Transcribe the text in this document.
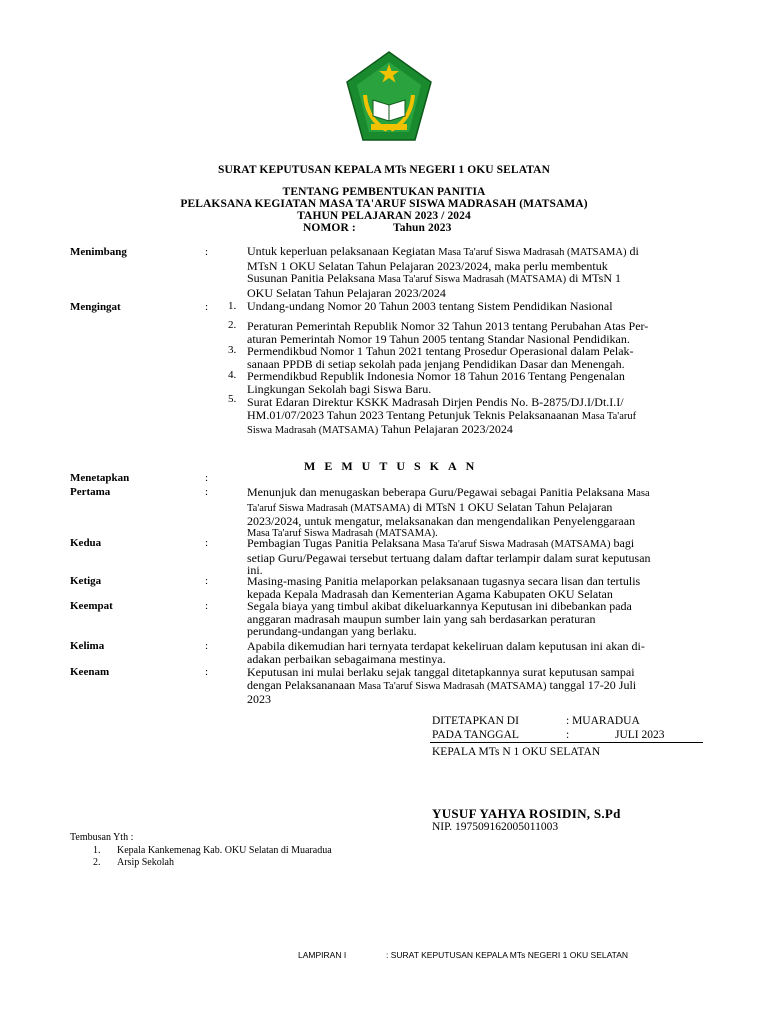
SURAT KEPUTUSAN KEPALA MTs NEGERI 1 OKU SELATAN
TENTANG PEMBENTUKAN PANITIA
PELAKSANA KEGIATAN MASA TA'ARUF SISWA MADRASAH (MATSAMA)
TAHUN PELAJARAN 2023 / 2024
NOMOR :	Tahun 2023
Menimbang	:	Untuk keperluan pelaksanaan Kegiatan Masa Ta'aruf Siswa Madrasah (MATSAMA) di
MTsN 1 OKU Selatan Tahun Pelajaran 2023/2024, maka perlu membentuk
Susunan Panitia Pelaksana Masa Ta'aruf Siswa Madrasah (MATSAMA) di MTsN 1
OKU Selatan Tahun Pelajaran 2023/2024
Mengingat	: 1. Undang-undang Nomor 20 Tahun 2003 tentang Sistem Pendidikan Nasional
2. Peraturan Pemerintah Republik Nomor 32 Tahun 2013 tentang Perubahan Atas Per-
aturan Pemerintah Nomor 19 Tahun 2005 tentang Standar Nasional Pendidikan.
3. Permendikbud Nomor 1 Tahun 2021 tentang Prosedur Operasional dalam Pelak-
sanaan PPDB di setiap sekolah pada jenjang Pendidikan Dasar dan Menengah.
4. Permendikbud Republik Indonesia Nomor 18 Tahun 2016 Tentang Pengenalan
Lingkungan Sekolah bagi Siswa Baru.
5. Surat Edaran Direktur KSKK Madrasah Dirjen Pendis No. B-2875/DJ.I/Dt.I.I/
HM.01/07/2023 Tahun 2023 Tentang Petunjuk Teknis Pelaksanaanan Masa Ta'aruf
Siswa Madrasah (MATSAMA) Tahun Pelajaran 2023/2024
MEMUTUSKAN
Menetapkan	:
Pertama	:	Menunjuk dan menugaskan beberapa Guru/Pegawai sebagai Panitia Pelaksana Masa
Ta'aruf Siswa Madrasah (MATSAMA) di MTsN 1 OKU Selatan Tahun Pelajaran
2023/2024, untuk mengatur, melaksanakan dan mengendalikan Penyelenggaraan
Masa Ta'aruf Siswa Madrasah (MATSAMA).
Kedua	:	Pembagian Tugas Panitia Pelaksana Masa Ta'aruf Siswa Madrasah (MATSAMA) bagi
setiap Guru/Pegawai tersebut tertuang dalam daftar terlampir dalam surat keputusan
ini.
Ketiga	:	Masing-masing Panitia melaporkan pelaksanaan tugasnya secara lisan dan tertulis
kepada Kepala Madrasah dan Kementerian Agama Kabupaten OKU Selatan
Keempat	:	Segala biaya yang timbul akibat dikeluarkannya Keputusan ini dibebankan pada
anggaran madrasah maupun sumber lain yang sah berdasarkan peraturan
perundang-undangan yang berlaku.
Kelima	:	Apabila dikemudian hari ternyata terdapat kekeliruan dalam keputusan ini akan di-
adakan perbaikan sebagaimana mestinya.
Keenam	:	Keputusan ini mulai berlaku sejak tanggal ditetapkannya surat keputusan sampai
dengan Pelaksananaan Masa Ta'aruf Siswa Madrasah (MATSAMA) tanggal 17-20 Juli
2023
DITETAPKAN DI	: MUARADUA
PADA TANGGAL	:	JULI 2023
KEPALA MTs N 1 OKU SELATAN
YUSUF YAHYA ROSIDIN, S.Pd
NIP. 197509162005011003
Tembusan Yth :
1. Kepala Kankemenag Kab. OKU Selatan di Muaradua
2. Arsip Sekolah
LAMPIRAN I	: SURAT KEPUTUSAN KEPALA MTs NEGERI 1 OKU SELATAN
